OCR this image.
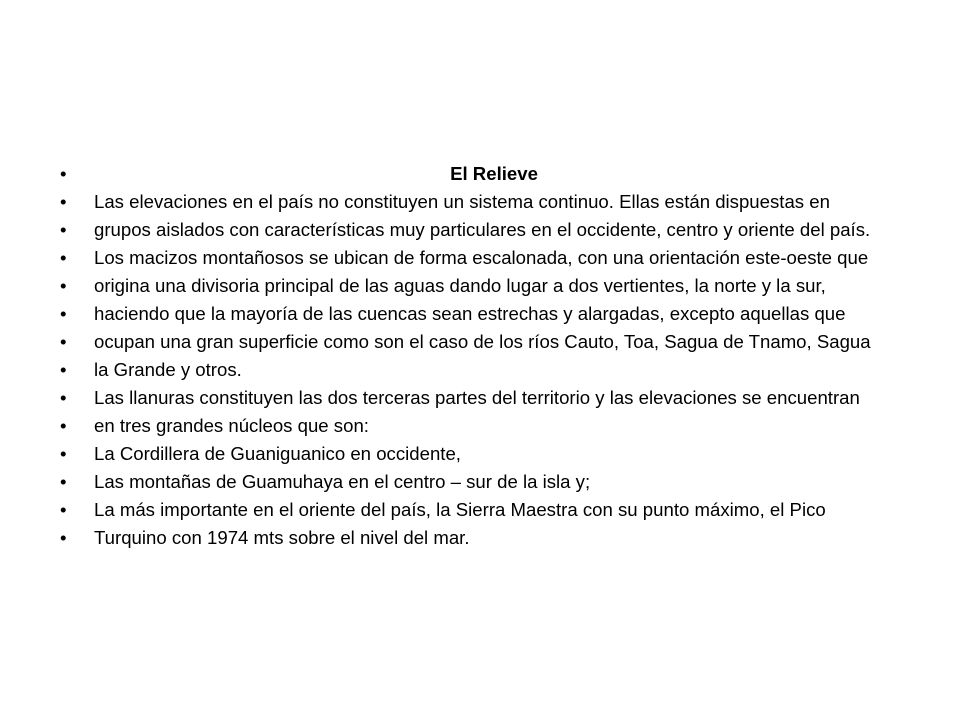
•	El Relieve
• Las elevaciones en el país no constituyen un sistema continuo. Ellas están dispuestas en
• grupos aislados con características muy particulares en el occidente, centro y oriente del país.
• Los macizos montañosos se ubican de forma escalonada, con una orientación este-oeste que
• origina una divisoria principal de las aguas dando lugar a dos vertientes, la norte y la sur,
• haciendo que la mayoría de las cuencas sean estrechas y alargadas, excepto aquellas que
• ocupan una gran superficie como son el caso de los ríos Cauto, Toa, Sagua de Tnamo, Sagua
• la Grande y otros.
• Las llanuras constituyen las dos terceras partes del territorio y las elevaciones se encuentran
• en tres grandes núcleos que son:
• La Cordillera de Guaniguanico en occidente,
• Las montañas de Guamuhaya en el centro – sur de la isla y;
• La más importante en el oriente del país, la Sierra Maestra con su punto máximo, el Pico
• Turquino con 1974 mts sobre el nivel del mar.
